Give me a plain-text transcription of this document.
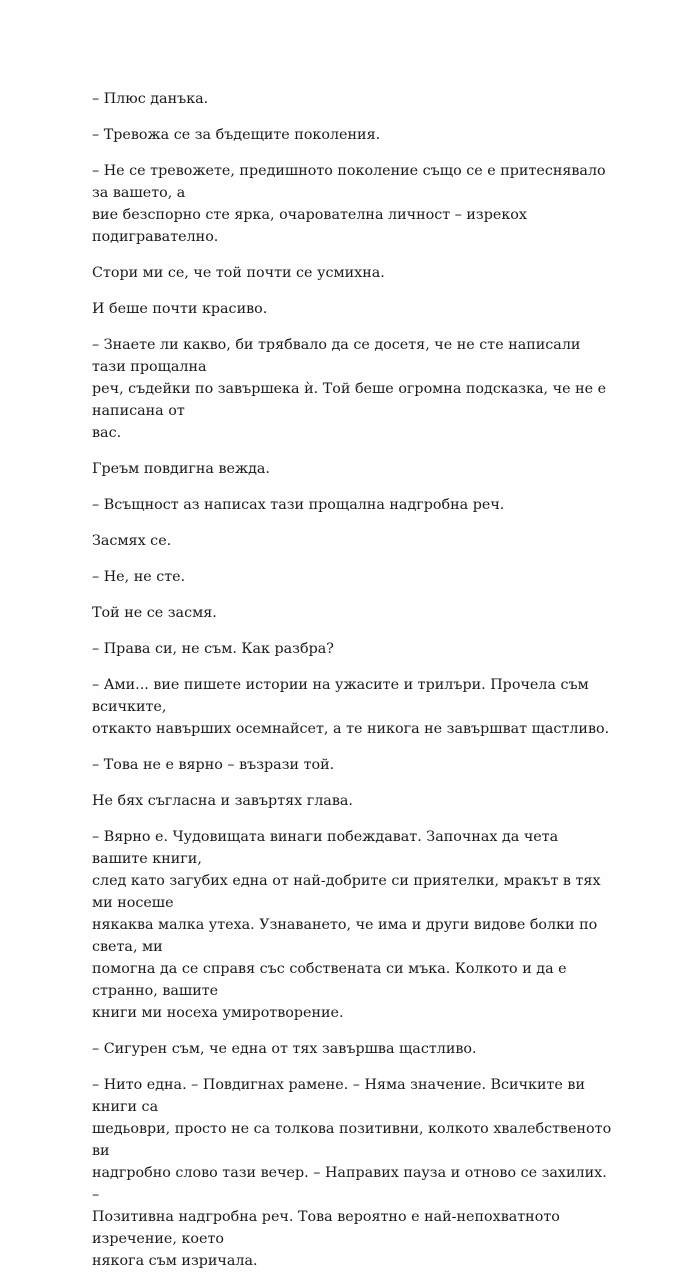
– Плюс данъка.

– Тревожа се за бъдещите поколения.

– Не се тревожете, предишното поколение също се е притеснявало за вашето, а
вие безспорно сте ярка, очарователна личност – изрекох подигравателно.

Стори ми се, че той почти се усмихна.

И беше почти красиво.

– Знаете ли какво, би трябвало да се досетя, че не сте написали тази прощална
реч, съдейки по завършека ѝ. Той беше огромна подсказка, че не е написана от
вас.

Греъм повдигна вежда.

– Всъщност аз написах тази прощална надгробна реч.

Засмях се.

– Не, не сте.

Той не се засмя.

– Права си, не съм. Как разбра?

– Ами... вие пишете истории на ужасите и трилъри. Прочела съм всичките,
откакто навърших осемнайсет, а те никога не завършват щастливо.

– Това не е вярно – възрази той.

Не бях съгласна и завъртях глава.

– Вярно е. Чудовищата винаги побеждават. Започнах да чета вашите книги,
след като загубих една от най-добрите си приятелки, мракът в тях ми носеше
някаква малка утеха. Узнаването, че има и други видове болки по света, ми
помогна да се справя със собствената си мъка. Колкото и да е странно, вашите
книги ми носеха умиротворение.

– Сигурен съм, че една от тях завършва щастливо.

– Нито една. – Повдигнах рамене. – Няма значение. Всичките ви книги са
шедьоври, просто не са толкова позитивни, колкото хвалебственото ви
надгробно слово тази вечер. – Направих пауза и отново се захилих. –
Позитивна надгробна реч. Това вероятно е най-непохватното изречение, което
някога съм изричала.
